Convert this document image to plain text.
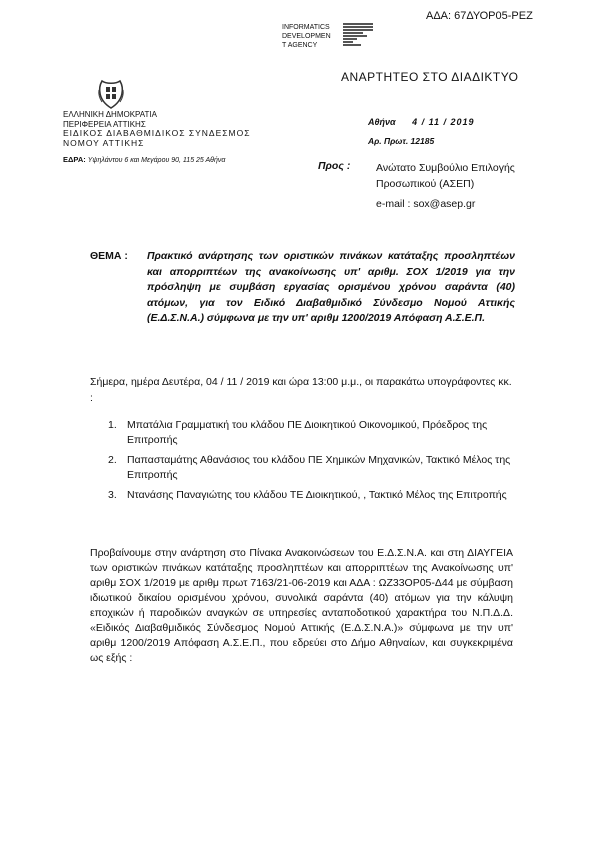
ΑΔΑ: 67ΔΥΟΡ05-ΡΕΖ
INFORMATICS
DEVELOPMEN
T AGENCY
ΑΝΑΡΤΗΤΕΟ ΣΤΟ ΔΙΑΔΙΚΤΥΟ
ΕΛΛΗΝΙΚΗ ΔΗΜΟΚΡΑΤΙΑ
ΠΕΡΙΦΕΡΕΙΑ ΑΤΤΙΚΗΣ
ΕΙΔΙΚΟΣ ΔΙΑΒΑΘΜΙΔΙΚΟΣ ΣΥΝΔΕΣΜΟΣ
ΝΟΜΟΥ ΑΤΤΙΚΗΣ
ΕΔΡΑ: Υψηλάντου 6 και Μεγάρου 90, 115 25 Αθήνα
Αθήνα 4 / 11 / 2019
Αρ. Πρωτ. 12185
Προς : Ανώτατο Συμβούλιο Επιλογής
Προσωπικού (ΑΣΕΠ)
e-mail : sox@asep.gr
ΘΕΜΑ : Πρακτικό ανάρτησης των οριστικών πινάκων κατάταξης προσληπτέων και απορριπτέων της ανακοίνωσης υπ' αριθμ. ΣΟΧ 1/2019 για την πρόσληψη με συμβάση εργασίας ορισμένου χρόνου σαράντα (40) ατόμων, για τον Ειδικό Διαβαθμιδικό Σύνδεσμο Νομού Αττικής (Ε.Δ.Σ.Ν.Α.) σύμφωνα με την υπ' αριθμ 1200/2019 Απόφαση Α.Σ.Ε.Π.
Σήμερα, ημέρα Δευτέρα, 04 / 11 / 2019 και ώρα 13:00 μ.μ., οι παρακάτω υπογράφοντες κκ. :
1. Μπατάλια Γραμματική του κλάδου ΠΕ Διοικητικού Οικονομικού, Πρόεδρος της Επιτροπής
2. Παπασταμάτης Αθανάσιος του κλάδου ΠΕ Χημικών Μηχανικών, Τακτικό Μέλος της Επιτροπής
3. Ντανάσης Παναγιώτης του κλάδου ΤΕ Διοικητικού, , Τακτικό Μέλος της Επιτροπής
Προβαίνουμε στην ανάρτηση στο Πίνακα Ανακοινώσεων του Ε.Δ.Σ.Ν.Α. και στη ΔΙΑΥΓΕΙΑ των οριστικών πινάκων κατάταξης προσληπτέων και απορριπτέων της Ανακοίνωσης υπ' αριθμ ΣΟΧ 1/2019 με αριθμ πρωτ 7163/21-06-2019 και ΑΔΑ : ΩΖ33ΟΡ05-Δ44 με σύμβαση ιδιωτικού δικαίου ορισμένου χρόνου, συνολικά σαράντα (40) ατόμων για την κάλυψη εποχικών ή παροδικών αναγκών σε υπηρεσίες ανταποδοτικού χαρακτήρα του Ν.Π.Δ.Δ. «Ειδικός Διαβαθμιδικός Σύνδεσμος Νομού Αττικής (Ε.Δ.Σ.Ν.Α.)» σύμφωνα με την υπ' αριθμ 1200/2019 Απόφαση Α.Σ.Ε.Π., που εδρεύει στο Δήμο Αθηναίων, και συγκεκριμένα ως εξής :
